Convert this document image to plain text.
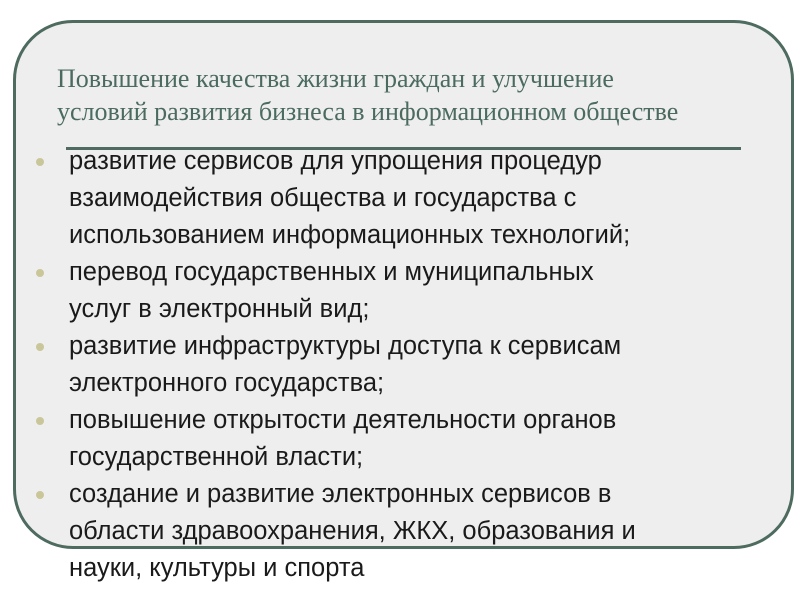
Повышение качества жизни граждан и улучшение
условий развития бизнеса в информационном обществе
развитие сервисов для упрощения процедур
взаимодействия общества и государства с
использованием информационных технологий;
перевод государственных и муниципальных
услуг в электронный вид;
развитие инфраструктуры доступа к сервисам
электронного государства;
повышение открытости деятельности органов
государственной власти;
создание и развитие электронных сервисов в
области здравоохранения, ЖКХ, образования и
науки, культуры и спорта
